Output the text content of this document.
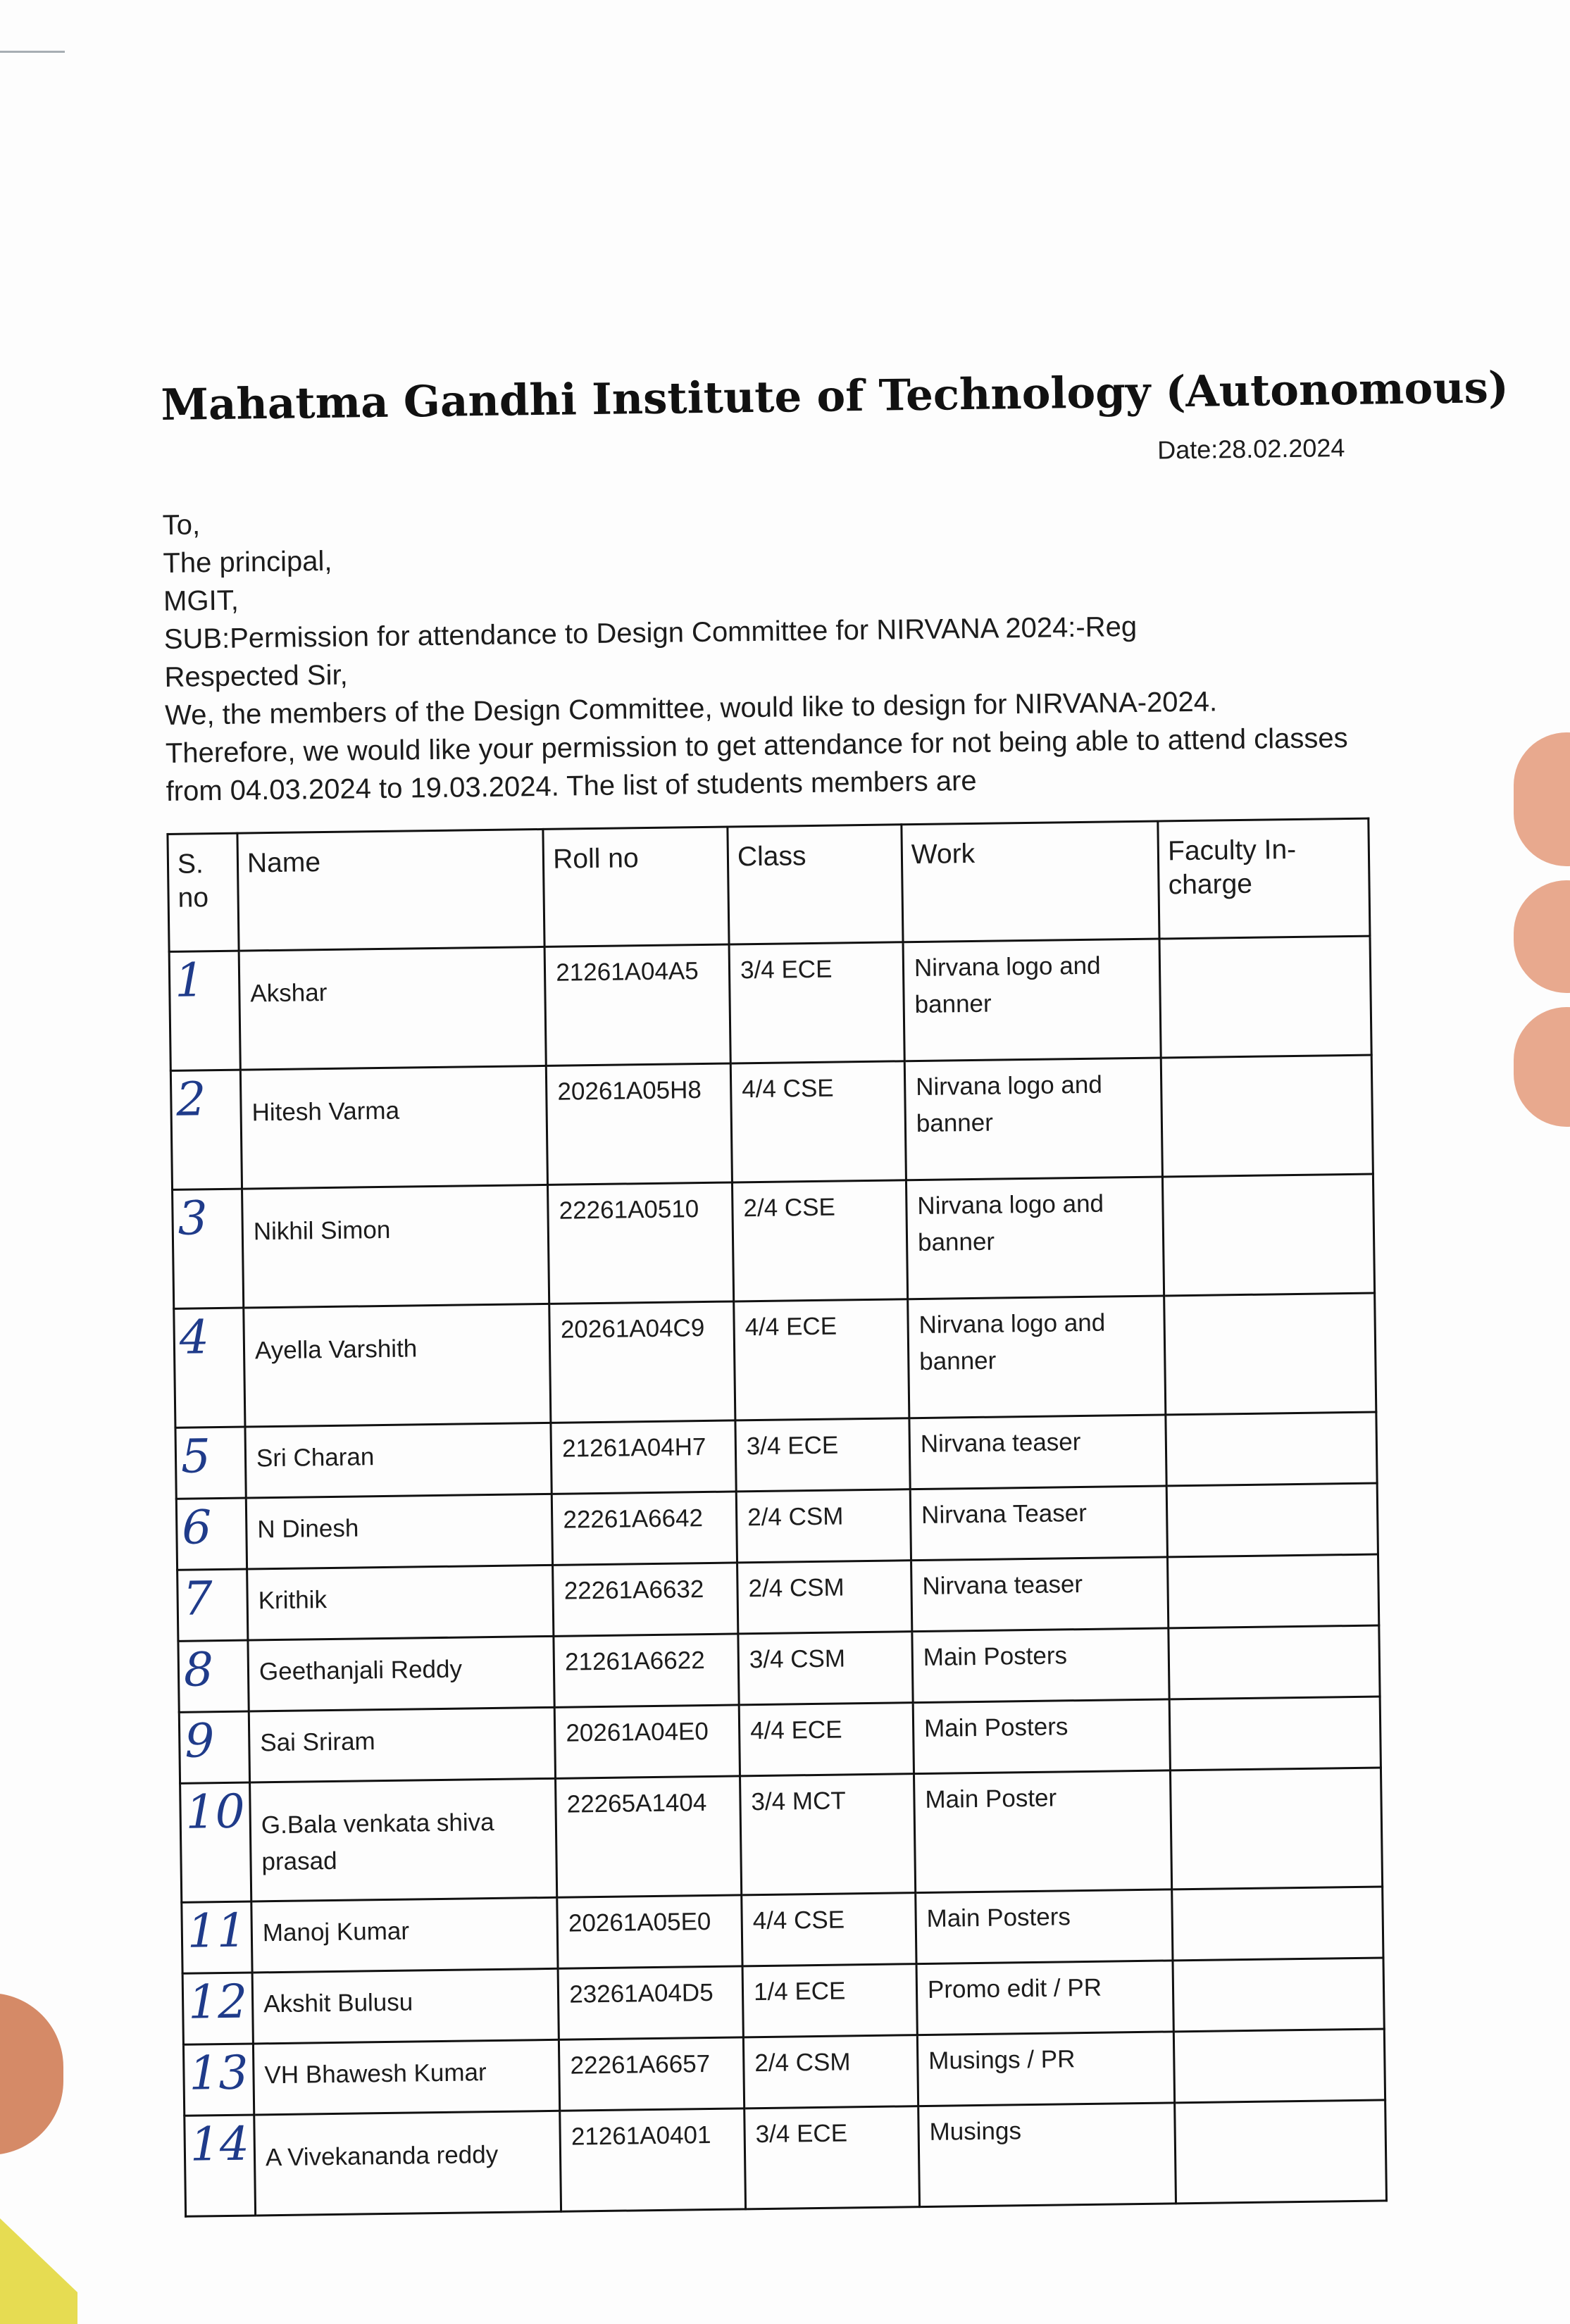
Mahatma Gandhi Institute of Technology (Autonomous)
Date:28.02.2024
To,
The principal,
MGIT,
SUB:Permission for attendance to Design Committee for NIRVANA 2024:-Reg
Respected Sir,
We, the members of the Design Committee, would like to design for NIRVANA-2024.
Therefore, we would like your permission to get attendance for not being able to attend classes
from 04.03.2024 to 19.03.2024. The list of students members are
S. no	Name	Roll no	Class	Work	Faculty In-charge
1	Akshar	21261A04A5	3/4 ECE	Nirvana logo and banner	
2	Hitesh Varma	20261A05H8	4/4 CSE	Nirvana logo and banner	
3	Nikhil Simon	22261A0510	2/4 CSE	Nirvana logo and banner	
4	Ayella Varshith	20261A04C9	4/4 ECE	Nirvana logo and banner	
5	Sri Charan	21261A04H7	3/4 ECE	Nirvana teaser	
6	N Dinesh	22261A6642	2/4 CSM	Nirvana Teaser	
7	Krithik	22261A6632	2/4 CSM	Nirvana teaser	
8	Geethanjali Reddy	21261A6622	3/4 CSM	Main Posters	
9	Sai Sriram	20261A04E0	4/4 ECE	Main Posters	
10	G.Bala venkata shiva prasad	22265A1404	3/4 MCT	Main Poster	
11	Manoj Kumar	20261A05E0	4/4 CSE	Main Posters	
12	Akshit Bulusu	23261A04D5	1/4 ECE	Promo edit / PR	
13	VH Bhawesh Kumar	22261A6657	2/4 CSM	Musings / PR	
14	A Vivekananda reddy	21261A0401	3/4 ECE	Musings	
